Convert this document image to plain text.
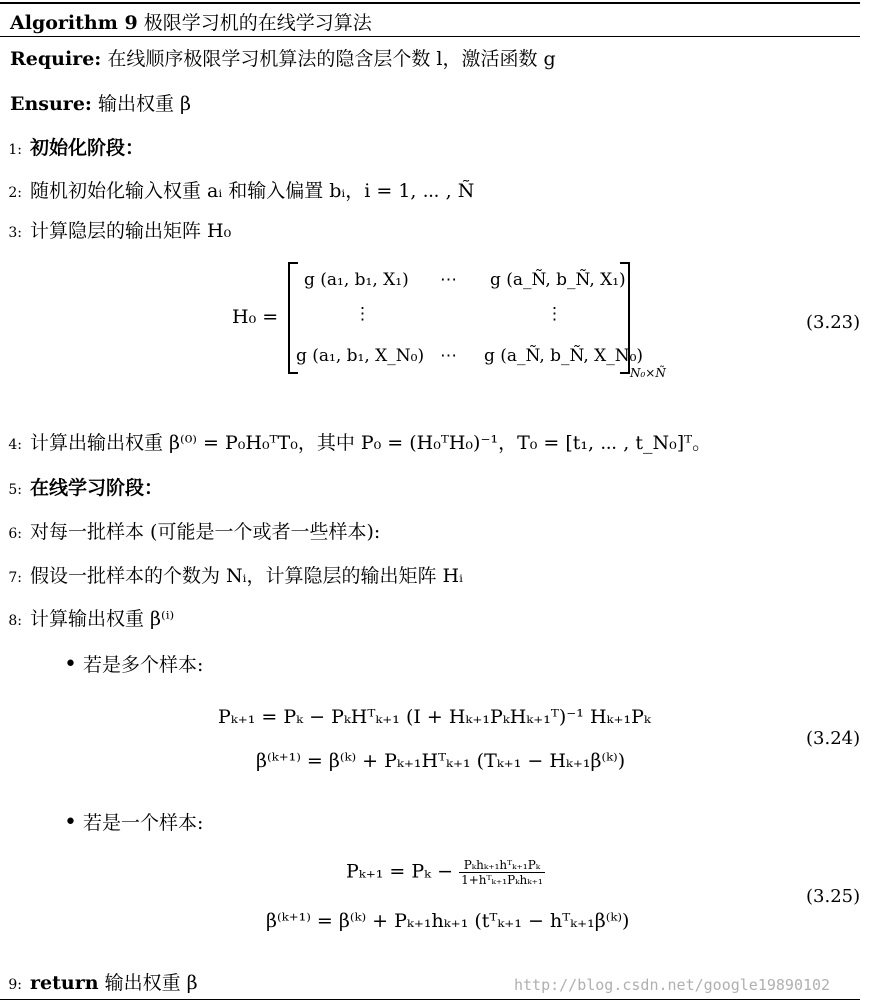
Algorithm 9 极限学习机的在线学习算法
Require: 在线顺序极限学习机算法的隐含层个数 l，激活函数 g
Ensure: 输出权重 β
1: 初始化阶段：
2: 随机初始化输入权重 aᵢ 和输入偏置 bᵢ，i = 1, ⋯ , Ñ
3: 计算隐层的输出矩阵 H₀
H₀ =
g (a₁, b₁, X₁) ⋯ g (a_Ñ, b_Ñ, X₁)
⋮	⋮
g (a₁, b₁, X_N₀) ⋯ g (a_Ñ, b_Ñ, X_N₀)
N₀×Ñ
(3.23)
4: 计算出输出权重 β⁽⁰⁾ = P₀H₀ᵀT₀，其中 P₀ = (H₀ᵀH₀)⁻¹，T₀ = [t₁, ⋯ , t_N₀]ᵀ。
5: 在线学习阶段：
6: 对每一批样本 (可能是一个或者一些样本):
7: 假设一批样本的个数为 Nᵢ，计算隐层的输出矩阵 Hᵢ
8: 计算输出权重 β⁽ⁱ⁾
• 若是多个样本:
Pₖ₊₁ = Pₖ − PₖHᵀₖ₊₁ (I + Hₖ₊₁PₖHₖ₊₁ᵀ)⁻¹ Hₖ₊₁Pₖ
β⁽ᵏ⁺¹⁾ = β⁽ᵏ⁾ + Pₖ₊₁Hᵀₖ₊₁ (Tₖ₊₁ − Hₖ₊₁β⁽ᵏ⁾)
(3.24)
• 若是一个样本:
$P_{k+1} = P_k - \frac{\text{Pₖhₖ₊₁hᵀₖ₊₁Pₖ}}{\text{1+hᵀₖ₊₁Pₖhₖ₊₁}}$
β⁽ᵏ⁺¹⁾ = β⁽ᵏ⁾ + Pₖ₊₁hₖ₊₁ (tᵀₖ₊₁ − hᵀₖ₊₁β⁽ᵏ⁾)
(3.25)
9: return 输出权重 β	http://blog.csdn.net/google19890102
